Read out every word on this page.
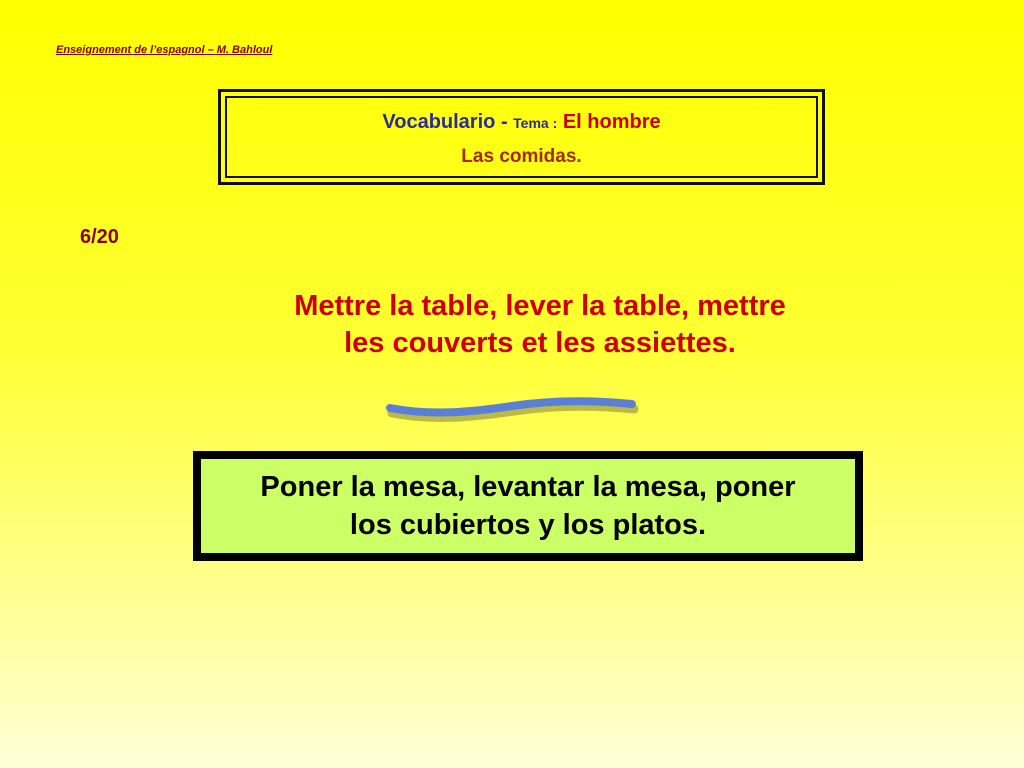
Enseignement de l’espagnol – M. Bahloul
Vocabulario - Tema : El hombre
Las comidas.
6/20
Mettre la table, lever la table, mettre
les couverts et les assiettes.
Poner la mesa, levantar la mesa, poner
los cubiertos y los platos.
